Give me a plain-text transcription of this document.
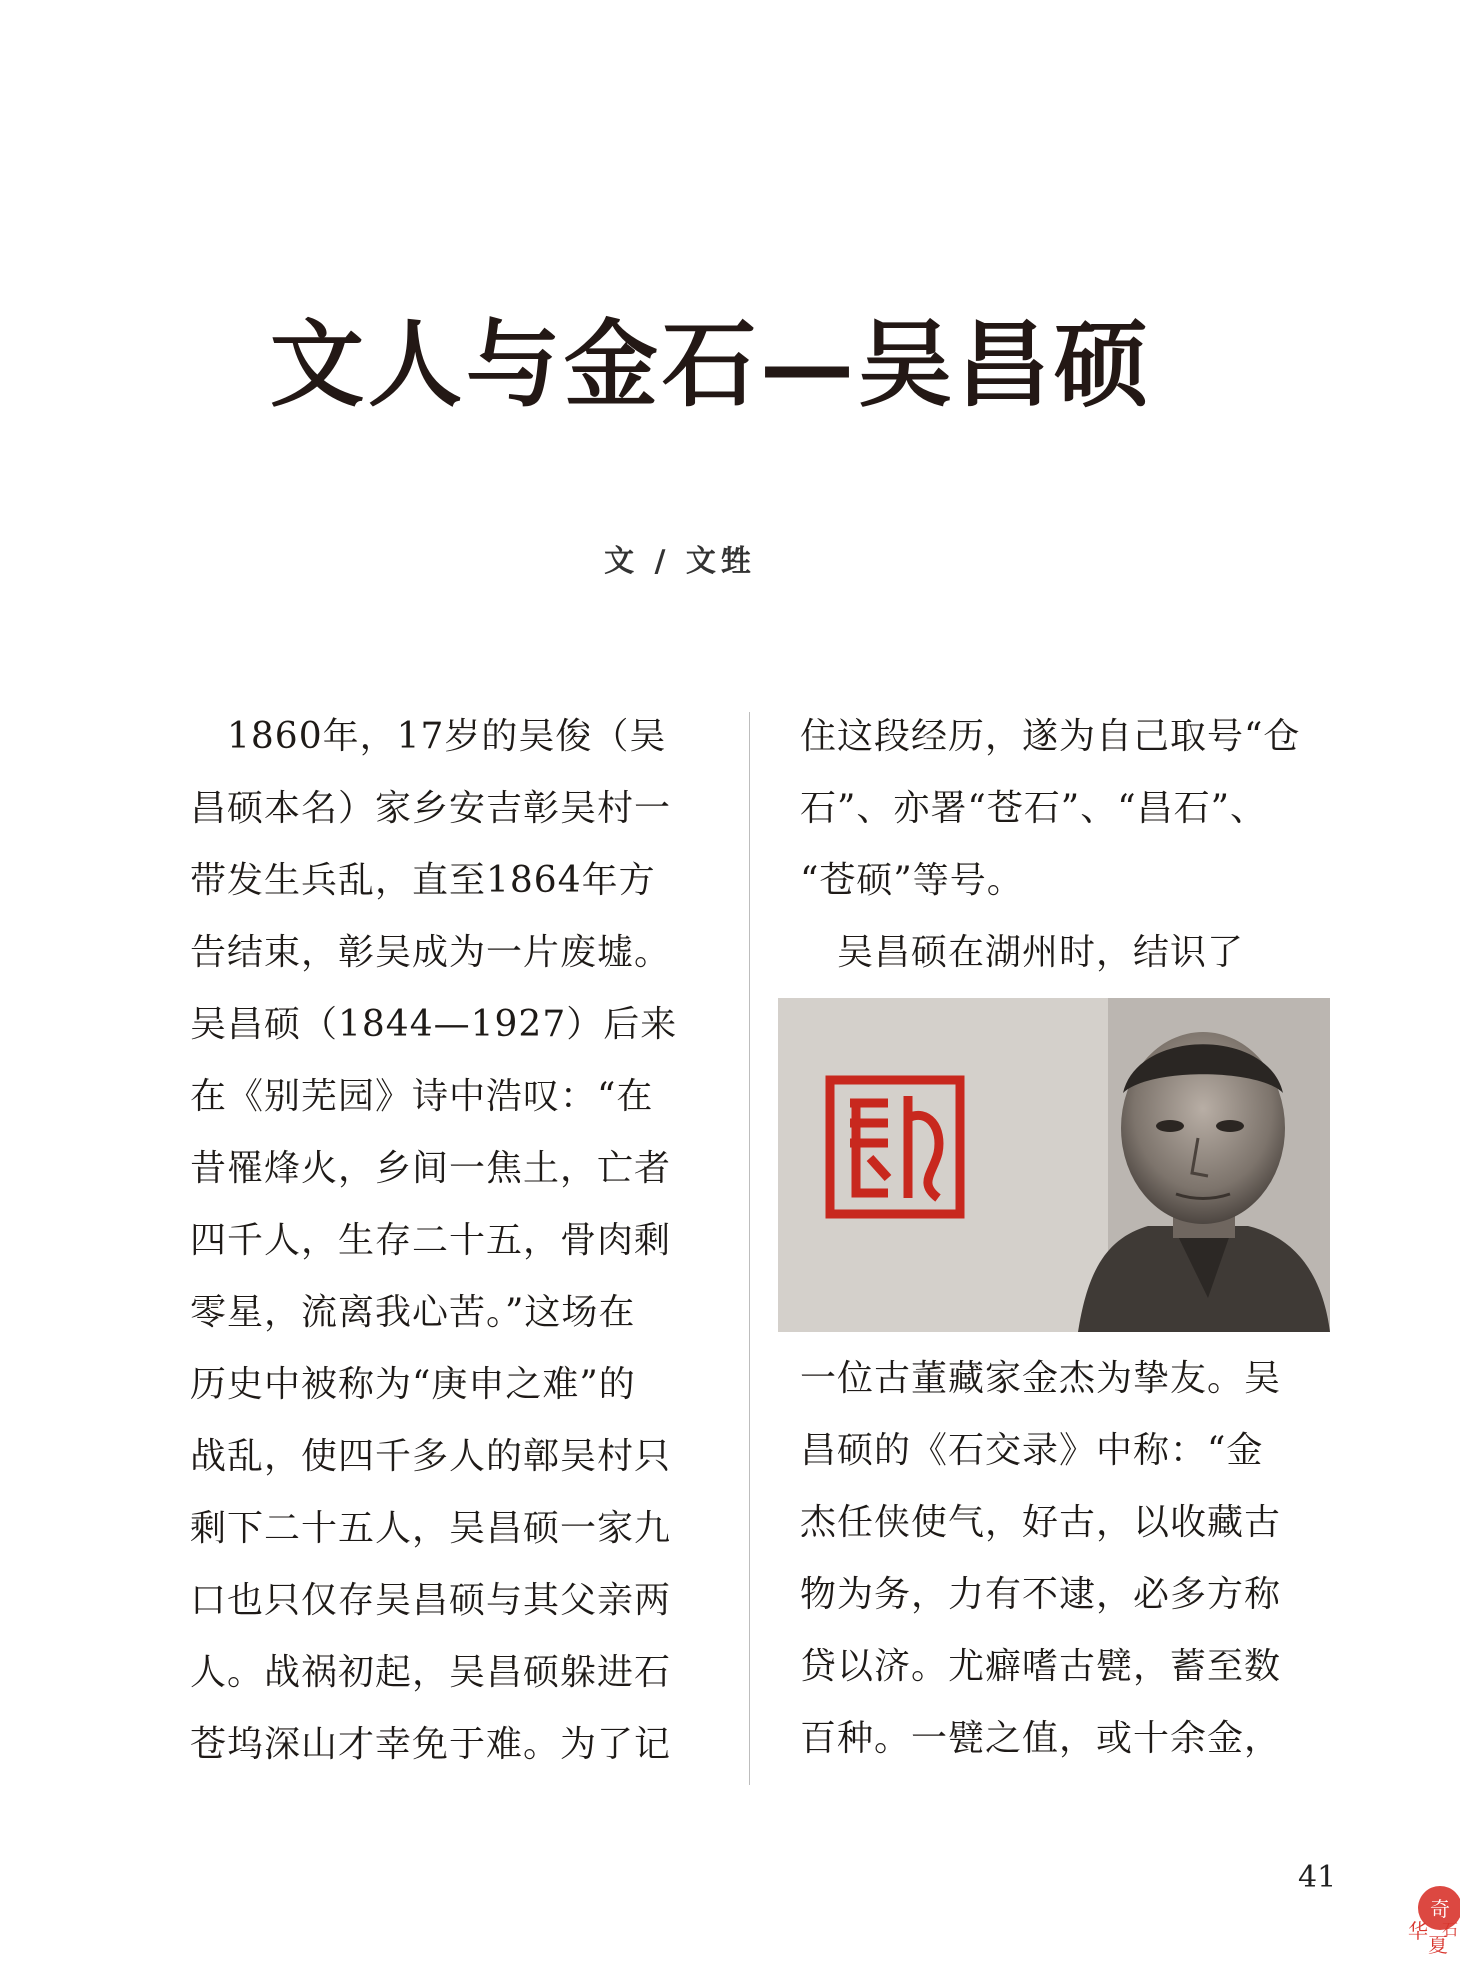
文人与金石—吴昌硕
文 / 文甡
　1860年，17岁的吴俊（吴
昌硕本名）家乡安吉彰吴村一
带发生兵乱，直至1864年方
告结束，彰吴成为一片废墟。
吴昌硕（1844—1927）后来
在《别芜园》诗中浩叹：“在
昔罹烽火，乡间一焦土，亡者
四千人，生存二十五，骨肉剩
零星，流离我心苦。”这场在
历史中被称为“庚申之难”的
战乱，使四千多人的鄣吴村只
剩下二十五人，吴昌硕一家九
口也只仅存吴昌硕与其父亲两
人。战祸初起，吴昌硕躲进石
苍坞深山才幸免于难。为了记
住这段经历，遂为自己取号“仓
石”、亦署“苍石”、“昌石”、
“苍硕”等号。
　吴昌硕在湖州时，结识了
一位古董藏家金杰为挚友。吴
昌硕的《石交录》中称：“金
杰任侠使气，好古，以收藏古
物为务，力有不逮，必多方称
贷以济。尤癖嗜古甓，蓄至数
百种。一甓之值，或十余金，
41
奇
华
夏
石
